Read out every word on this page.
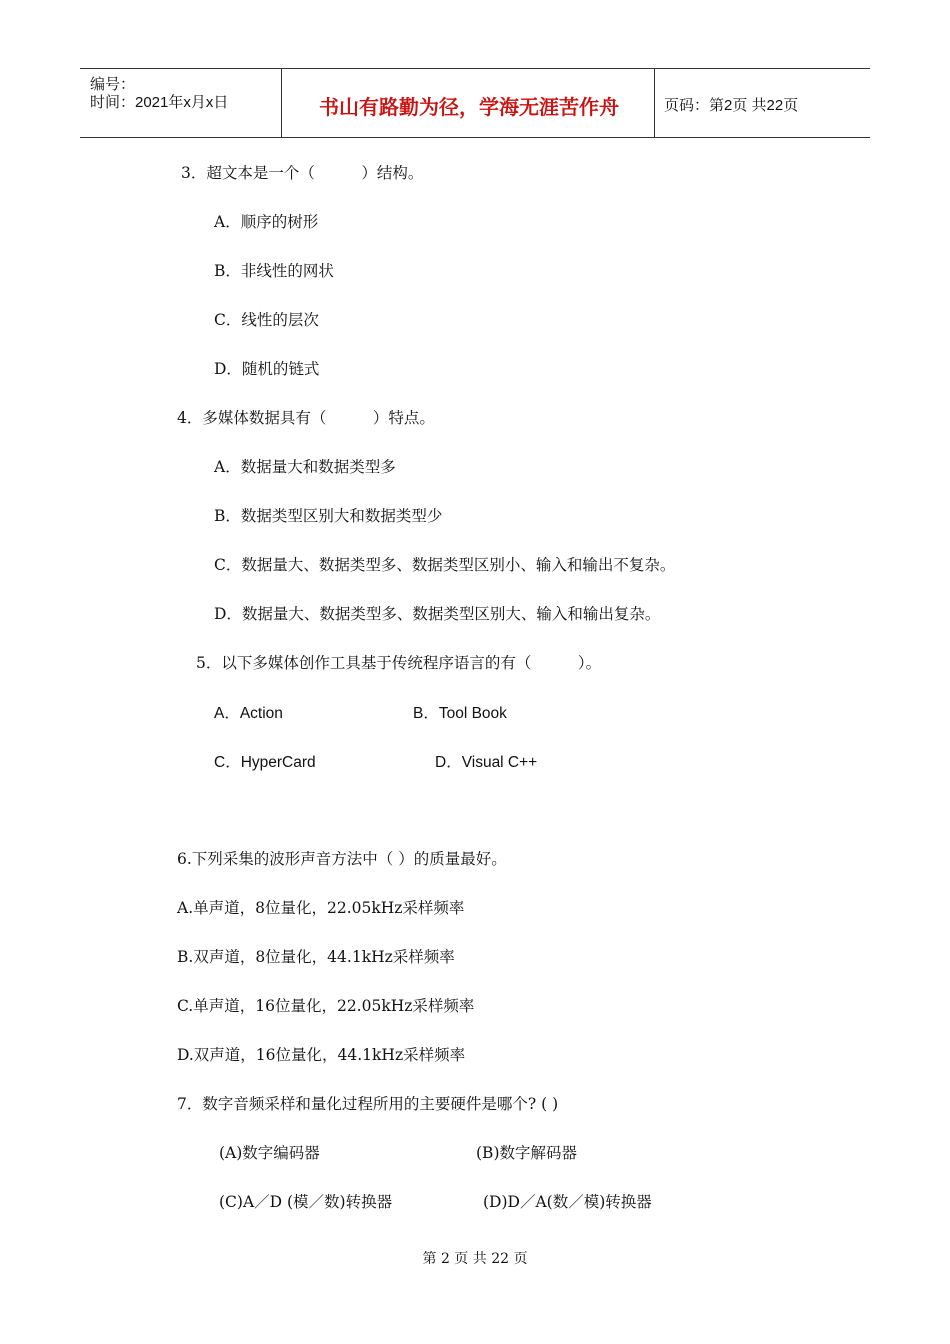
编号：
时间：2021年x月x日	书山有路勤为径，学海无涯苦作舟	页码：第2页 共22页
3．超文本是一个（　　　）结构。
A．顺序的树形
B．非线性的网状
C．线性的层次
D．随机的链式
4．多媒体数据具有（　　　）特点。
A．数据量大和数据类型多
B．数据类型区别大和数据类型少
C．数据量大、数据类型多、数据类型区别小、输入和输出不复杂。
D．数据量大、数据类型多、数据类型区别大、输入和输出复杂。
5．以下多媒体创作工具基于传统程序语言的有（　　　）。
A．Action	B．Tool Book
C．HyperCard	D．Visual C++
6.下列采集的波形声音方法中（ ）的质量最好。
A.单声道，8位量化，22.05kHz采样频率
B.双声道，8位量化，44.1kHz采样频率
C.单声道，16位量化，22.05kHz采样频率
D.双声道，16位量化，44.1kHz采样频率
7．数字音频采样和量化过程所用的主要硬件是哪个? ( )
(A)数字编码器	(B)数字解码器
(C)A／D (模／数)转换器	(D)D／A(数／模)转换器
第 2 页 共 22 页
